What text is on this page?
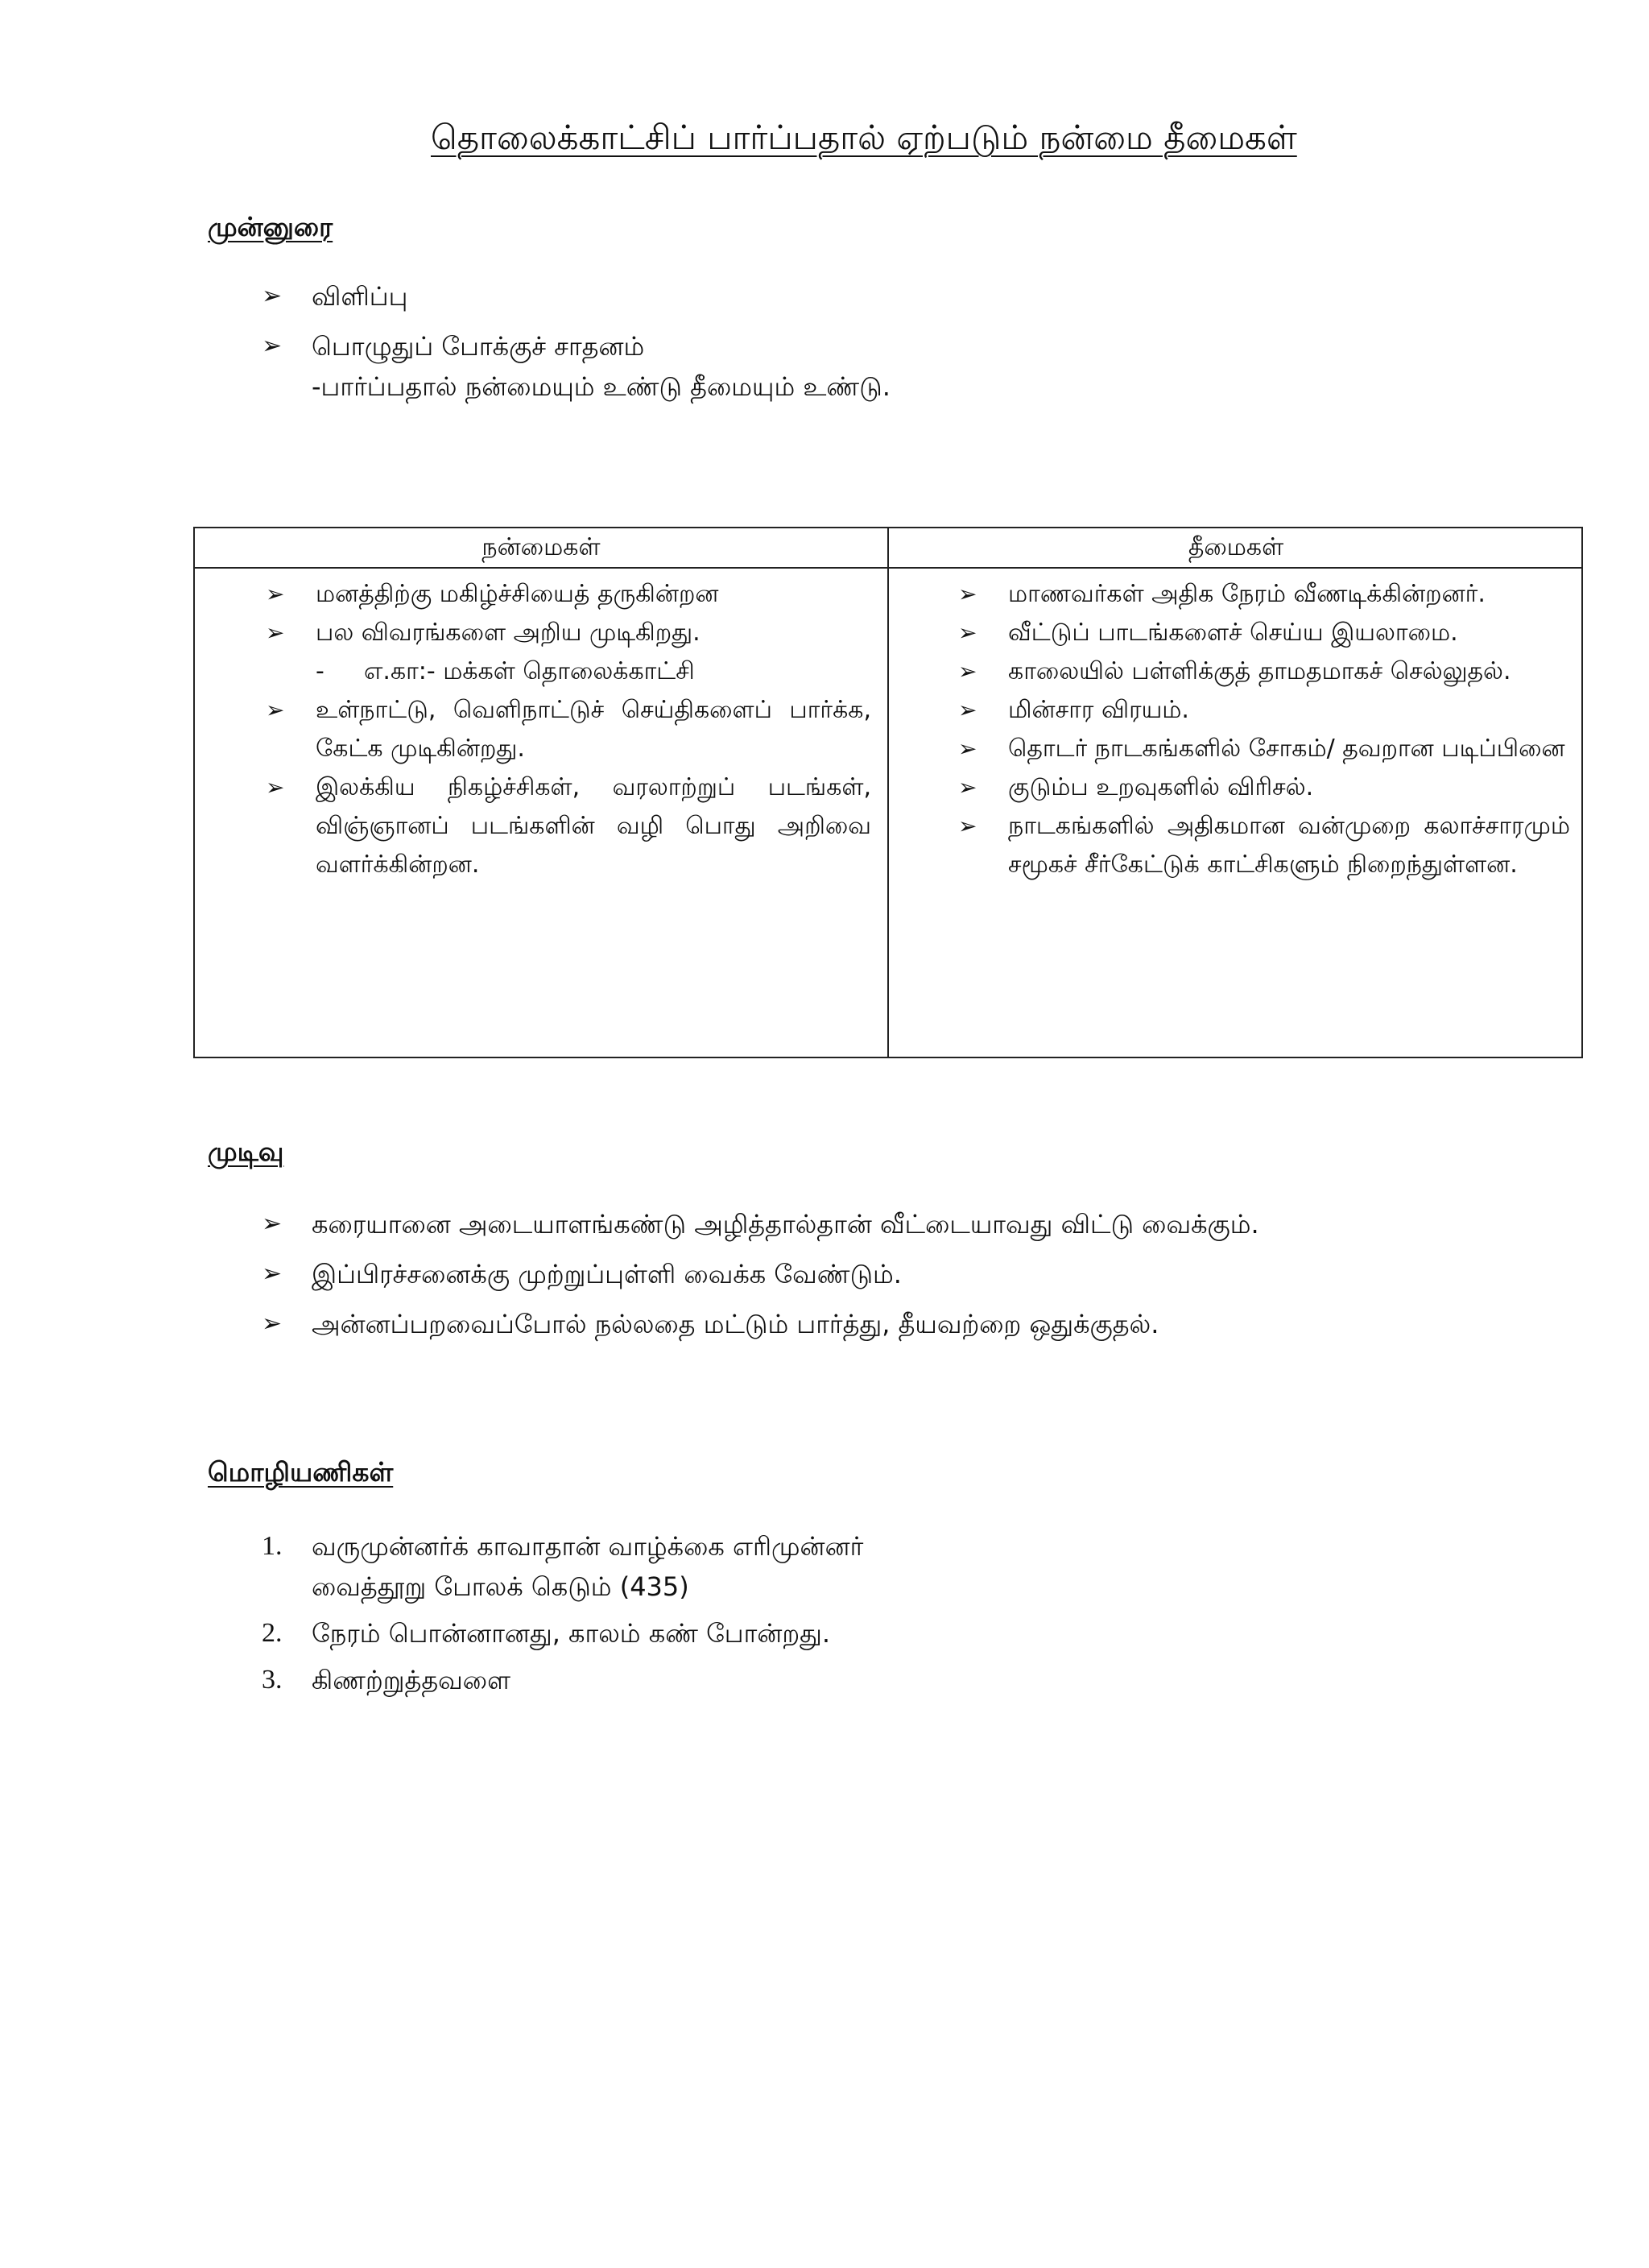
தொலைக்காட்சிப் பார்ப்பதால் ஏற்படும் நன்மை தீமைகள்
முன்னுரை
➢ விளிப்பு
➢ பொழுதுப் போக்குச் சாதனம்
-பார்ப்பதால் நன்மையும் உண்டு தீமையும் உண்டு.
நன்மைகள்	தீமைகள்
➢ மனத்திற்கு மகிழ்ச்சியைத் தருகின்றன
➢ பல விவரங்களை அறிய முடிகிறது.
- எ.கா:- மக்கள் தொலைக்காட்சி
➢ உள்நாட்டு, வெளிநாட்டுச் செய்திகளைப் பார்க்க, கேட்க முடிகின்றது.
➢ இலக்கிய நிகழ்ச்சிகள், வரலாற்றுப் படங்கள், விஞ்ஞானப் படங்களின் வழி பொது அறிவை வளர்க்கின்றன.
➢ மாணவர்கள் அதிக நேரம் வீணடிக்கின்றனர்.
➢ வீட்டுப் பாடங்களைச் செய்ய இயலாமை.
➢ காலையில் பள்ளிக்குத் தாமதமாகச் செல்லுதல்.
➢ மின்சார விரயம்.
➢ தொடர் நாடகங்களில் சோகம்/ தவறான படிப்பினை
➢ குடும்ப உறவுகளில் விரிசல்.
➢ நாடகங்களில் அதிகமான வன்முறை கலாச்சாரமும் சமூகச் சீர்கேட்டுக் காட்சிகளும் நிறைந்துள்ளன.
முடிவு
➢ கரையானை அடையாளங்கண்டு அழித்தால்தான் வீட்டையாவது விட்டு வைக்கும்.
➢ இப்பிரச்சனைக்கு முற்றுப்புள்ளி வைக்க வேண்டும்.
➢ அன்னப்பறவைப்போல் நல்லதை மட்டும் பார்த்து, தீயவற்றை ஒதுக்குதல்.
மொழியணிகள்
1. வருமுன்னர்க் காவாதான் வாழ்க்கை எரிமுன்னர்
வைத்தூறு போலக் கெடும் (435)
2. நேரம் பொன்னானது, காலம் கண் போன்றது.
3. கிணற்றுத்தவளை
